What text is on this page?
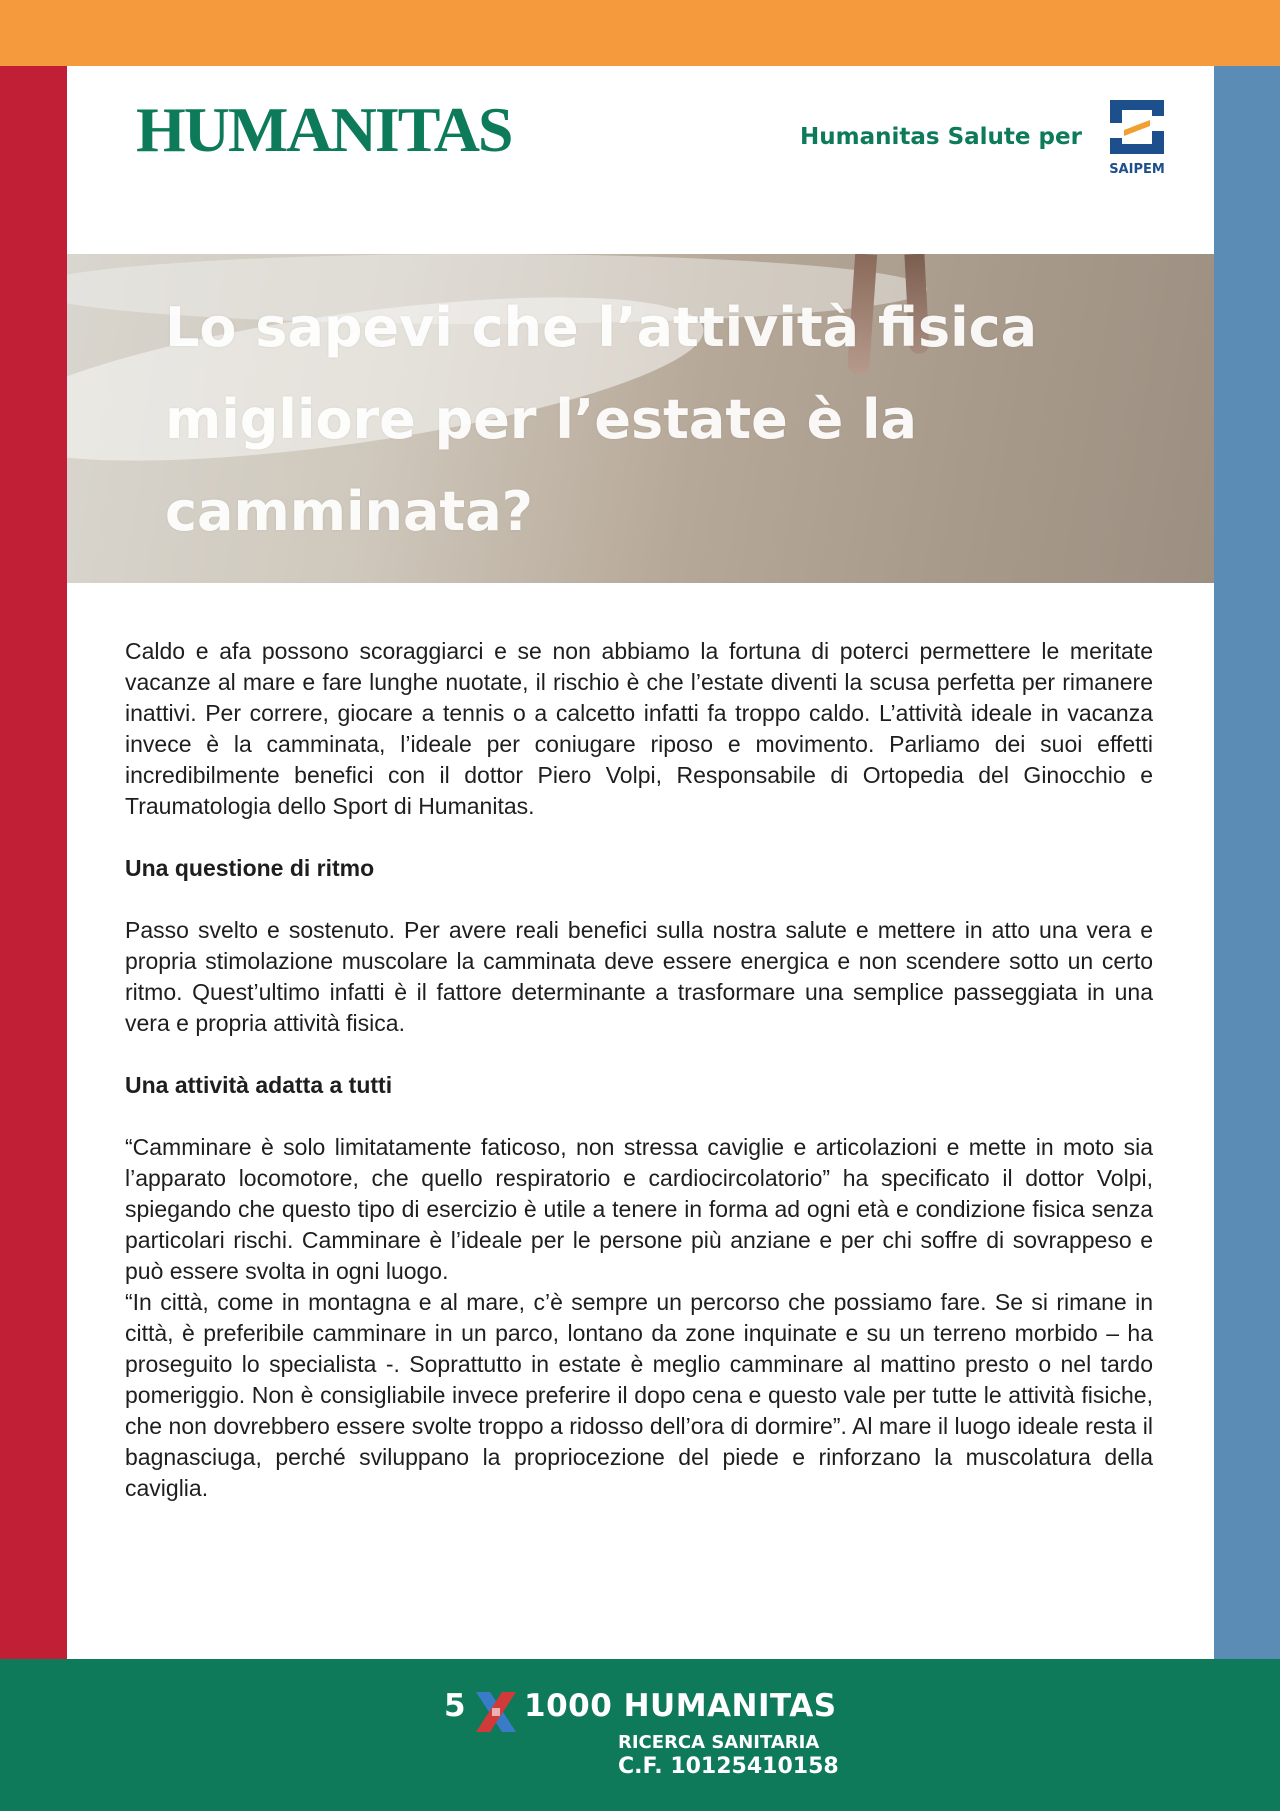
HUMANITAS	Humanitas Salute per
SAIPEM
Lo sapevi che l’attività fisica migliore per l’estate è la camminata?

Caldo e afa possono scoraggiarci e se non abbiamo la fortuna di poterci permettere le meritate vacanze al mare e fare lunghe nuotate, il rischio è che l’estate diventi la scusa perfetta per rimanere inattivi. Per correre, giocare a tennis o a calcetto infatti fa troppo caldo. L’attività ideale in vacanza invece è la camminata, l’ideale per coniugare riposo e movimento. Parliamo dei suoi effetti incredibilmente benefici con il dottor Piero Volpi, Responsabile di Ortopedia del Ginocchio e Traumatologia dello Sport di Humanitas.

Una questione di ritmo

Passo svelto e sostenuto. Per avere reali benefici sulla nostra salute e mettere in atto una vera e propria stimolazione muscolare la camminata deve essere energica e non scendere sotto un certo ritmo. Quest’ultimo infatti è il fattore determinante a trasformare una semplice passeggiata in una vera e propria attività fisica.

Una attività adatta a tutti

“Camminare è solo limitatamente faticoso, non stressa caviglie e articolazioni e mette in moto sia l’apparato locomotore, che quello respiratorio e cardiocircolatorio” ha specificato il dottor Volpi, spiegando che questo tipo di esercizio è utile a tenere in forma ad ogni età e condizione fisica senza particolari rischi. Camminare è l’ideale per le persone più anziane e per chi soffre di sovrappeso e può essere svolta in ogni luogo.

“In città, come in montagna e al mare, c’è sempre un percorso che possiamo fare. Se si rimane in città, è preferibile camminare in un parco, lontano da zone inquinate e su un terreno morbido – ha proseguito lo specialista -. Soprattutto in estate è meglio camminare al mattino presto o nel tardo pomeriggio. Non è consigliabile invece preferire il dopo cena e questo vale per tutte le attività fisiche, che non dovrebbero essere svolte troppo a ridosso dell’ora di dormire”. Al mare il luogo ideale resta il bagnasciuga, perché sviluppano la propriocezione del piede e rinforzano la muscolatura della caviglia.

5 1000 HUMANITAS
RICERCA SANITARIA
C.F. 10125410158
